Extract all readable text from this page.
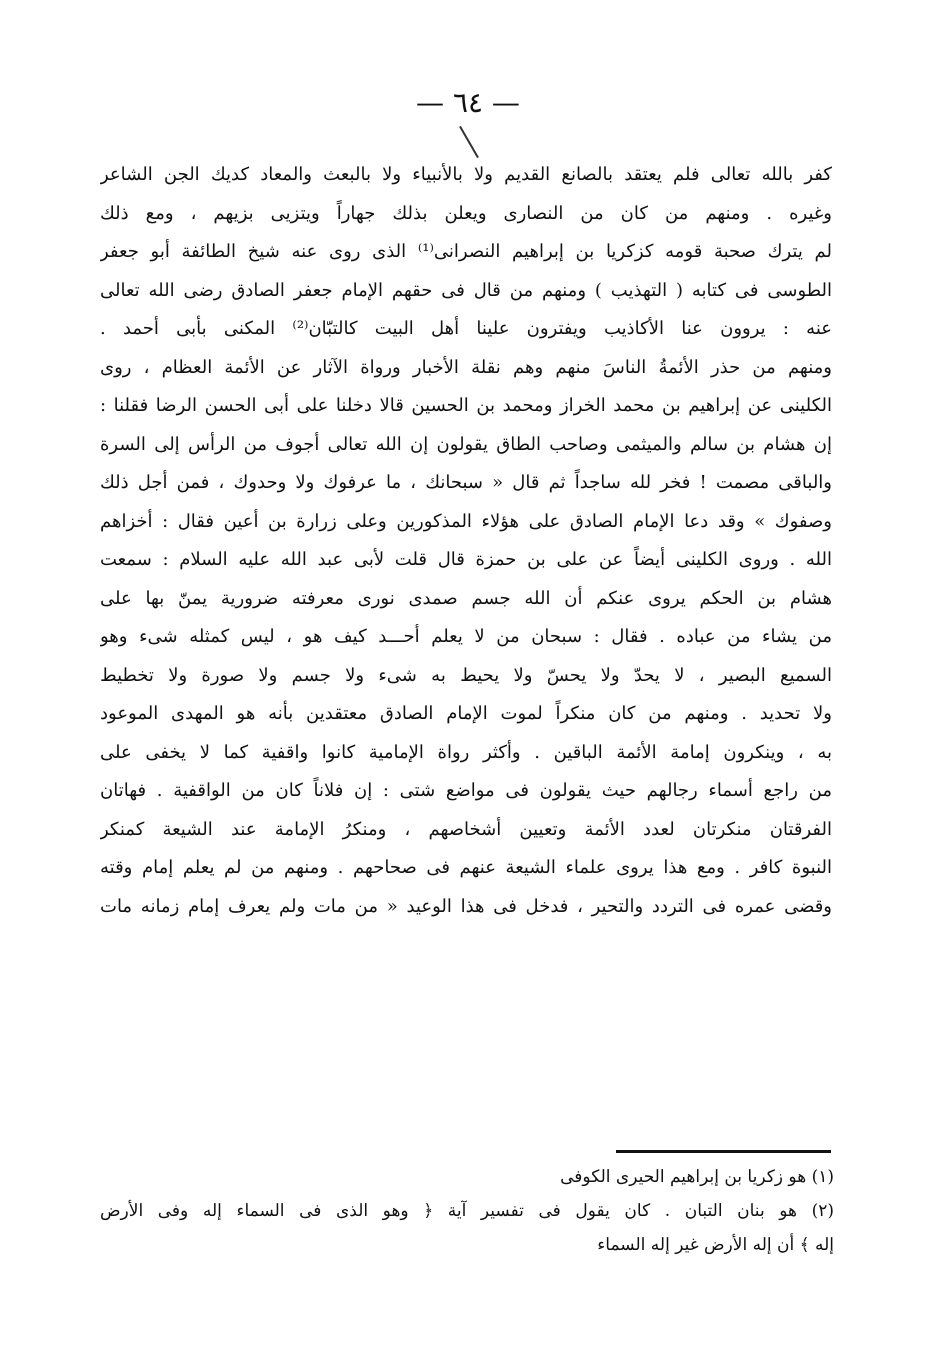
— ٦٤ —
كفر بالله تعالى فلم يعتقد بالصانع القديم ولا بالأنبياء ولا بالبعث والمعاد كديك الجن الشاعر
وغيره . ومنهم من كان من النصارى ويعلن بذلك جهاراً ويتزيى بزيهم ، ومع ذلك
لم يترك صحبة قومه كزكريا بن إبراهيم النصرانى⁽¹⁾ الذى روى عنه شيخ الطائفة أبو جعفر
الطوسى فى كتابه ( التهذيب ) ومنهم من قال فى حقهم الإمام جعفر الصادق رضى الله تعالى
عنه : يروون عنا الأكاذيب ويفترون علينا أهل البيت كالتبّان⁽²⁾ المكنى بأبى أحمد .
ومنهم من حذر الأئمةُ الناسَ منهم وهم نقلة الأخبار ورواة الآثار عن الأئمة العظام ، روى
الكلينى عن إبراهيم بن محمد الخراز ومحمد بن الحسين قالا دخلنا على أبى الحسن الرضا فقلنا :
إن هشام بن سالم والميثمى وصاحب الطاق يقولون إن الله تعالى أجوف من الرأس إلى السرة
والباقى مصمت ! فخر لله ساجداً ثم قال « سبحانك ، ما عرفوك ولا وحدوك ، فمن أجل ذلك
وصفوك » وقد دعا الإمام الصادق على هؤلاء المذكورين وعلى زرارة بن أعين فقال : أخزاهم
الله . وروى الكلينى أيضاً عن على بن حمزة قال قلت لأبى عبد الله عليه السلام : سمعت
هشام بن الحكم يروى عنكم أن الله جسم صمدى نورى معرفته ضرورية يمنّ بها على
من يشاء من عباده . فقال : سبحان من لا يعلم أحـــد كيف هو ، ليس كمثله شىء وهو
السميع البصير ، لا يحدّ ولا يحسّ ولا يحيط به شىء ولا جسم ولا صورة ولا تخطيط
ولا تحديد . ومنهم من كان منكراً لموت الإمام الصادق معتقدين بأنه هو المهدى الموعود
به ، وينكرون إمامة الأئمة الباقين . وأكثر رواة الإمامية كانوا واقفية كما لا يخفى على
من راجع أسماء رجالهم حيث يقولون فى مواضع شتى : إن فلاناً كان من الواقفية . فهاتان
الفرقتان منكرتان لعدد الأئمة وتعيين أشخاصهم ، ومنكرُ الإمامة عند الشيعة كمنكر
النبوة كافر . ومع هذا يروى علماء الشيعة عنهم فى صحاحهم . ومنهم من لم يعلم إمام وقته
وقضى عمره فى التردد والتحير ، فدخل فى هذا الوعيد « من مات ولم يعرف إمام زمانه مات
(١) هو زكريا بن إبراهيم الحيرى الكوفى
(٢) هو بنان التبان . كان يقول فى تفسير آية ﴿ وهو الذى فى السماء إله وفى الأرض
إله ﴾ أن إله الأرض غير إله السماء
